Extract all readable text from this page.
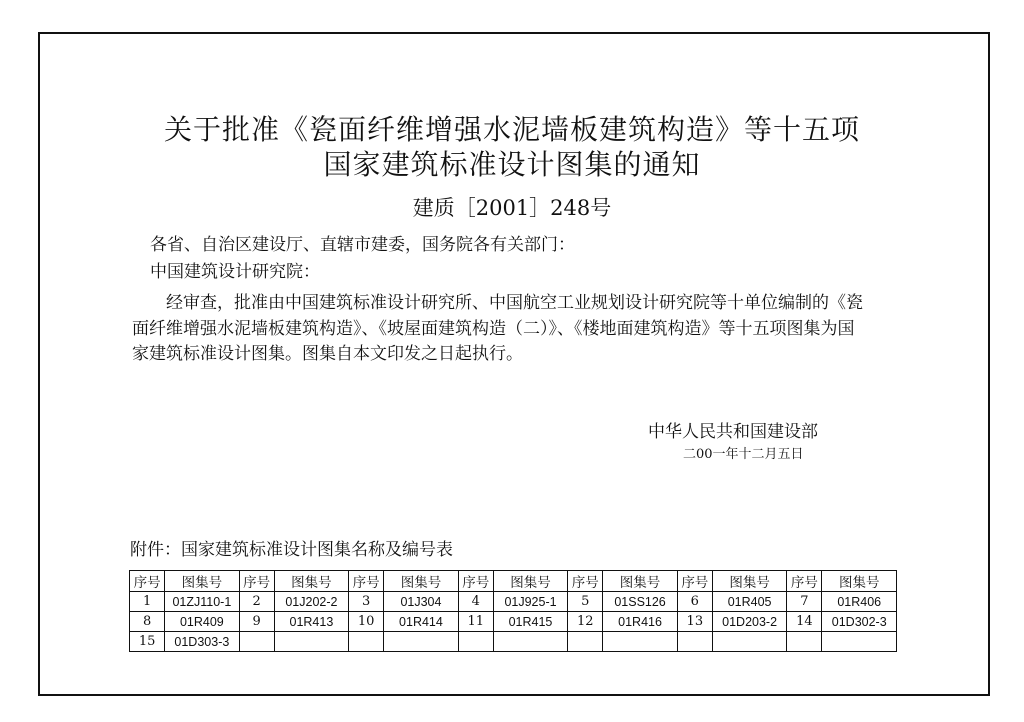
关于批准《瓷面纤维增强水泥墙板建筑构造》等十五项
国家建筑标准设计图集的通知
建质［2001］248号
各省、自治区建设厅、直辖市建委，国务院各有关部门：
中国建筑设计研究院：

经审查，批准由中国建筑标准设计研究所、中国航空工业规划设计研究院等十单位编制的《瓷面纤维增强水泥墙板建筑构造》、《坡屋面建筑构造（二）》、《楼地面建筑构造》等十五项图集为国家建筑标准设计图集。图集自本文印发之日起执行。

中华人民共和国建设部
二00一年十二月五日
附件：国家建筑标准设计图集名称及编号表
序号	图集号	序号	图集号	序号	图集号	序号	图集号	序号	图集号	序号	图集号	序号	图集号
1	01ZJ110-1	2	01J202-2	3	01J304	4	01J925-1	5	01SS126	6	01R405	7	01R406
8	01R409	9	01R413	10	01R414	11	01R415	12	01R416	13	01D203-2	14	01D302-3
15	01D303-3												
